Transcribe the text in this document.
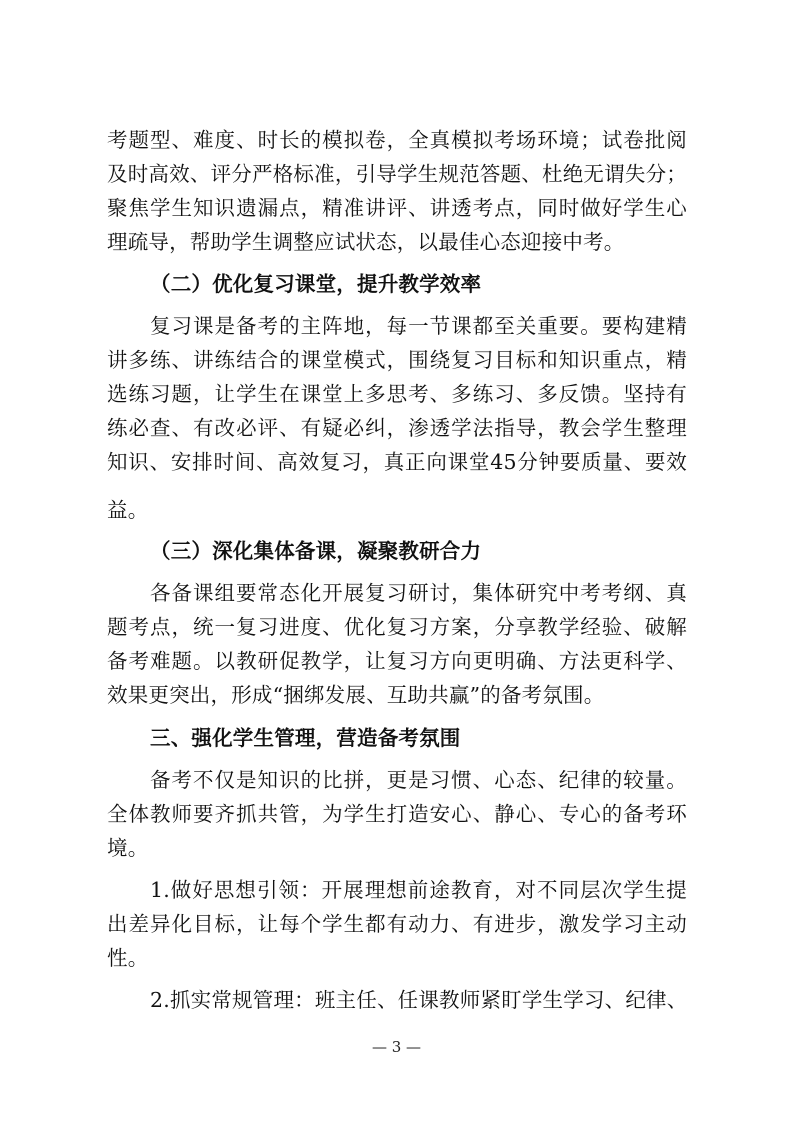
考题型、难度、时长的模拟卷，全真模拟考场环境；试卷批阅
及时高效、评分严格标准，引导学生规范答题、杜绝无谓失分；
聚焦学生知识遗漏点，精准讲评、讲透考点，同时做好学生心
理疏导，帮助学生调整应试状态，以最佳心态迎接中考。
（二）优化复习课堂，提升教学效率
复习课是备考的主阵地，每一节课都至关重要。要构建精
讲多练、讲练结合的课堂模式，围绕复习目标和知识重点，精
选练习题，让学生在课堂上多思考、多练习、多反馈。坚持有
练必查、有改必评、有疑必纠，渗透学法指导，教会学生整理
知识、安排时间、高效复习，真正向课堂45分钟要质量、要效
益。
（三）深化集体备课，凝聚教研合力
各备课组要常态化开展复习研讨，集体研究中考考纲、真
题考点，统一复习进度、优化复习方案，分享教学经验、破解
备考难题。以教研促教学，让复习方向更明确、方法更科学、
效果更突出，形成“捆绑发展、互助共赢”的备考氛围。
三、强化学生管理，营造备考氛围
备考不仅是知识的比拼，更是习惯、心态、纪律的较量。
全体教师要齐抓共管，为学生打造安心、静心、专心的备考环
境。
1.做好思想引领：开展理想前途教育，对不同层次学生提
出差异化目标，让每个学生都有动力、有进步，激发学习主动
性。
2.抓实常规管理：班主任、任课教师紧盯学生学习、纪律、
— 3 —
